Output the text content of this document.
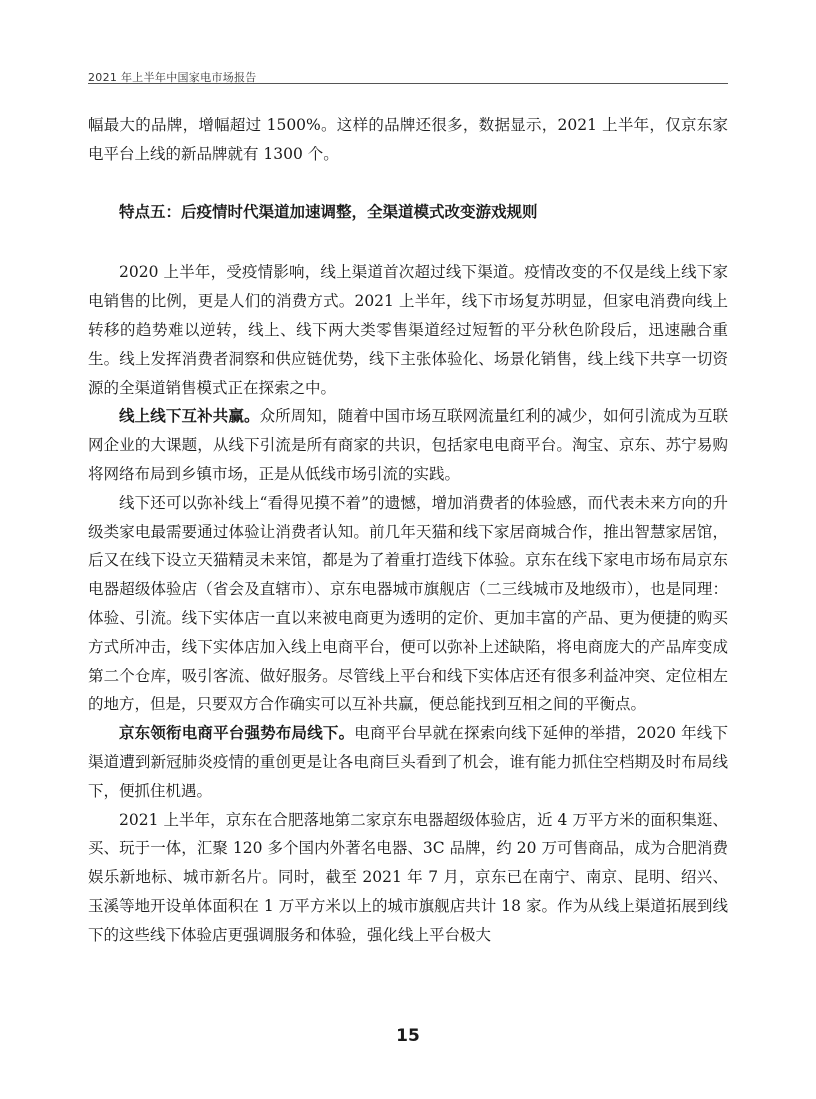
2021 年上半年中国家电市场报告

幅最大的品牌，增幅超过 1500%。这样的品牌还很多，数据显示，2021 上半年，仅京东家电平台上线的新品牌就有 1300 个。

特点五：后疫情时代渠道加速调整，全渠道模式改变游戏规则

2020 上半年，受疫情影响，线上渠道首次超过线下渠道。疫情改变的不仅是线上线下家电销售的比例，更是人们的消费方式。2021 上半年，线下市场复苏明显，但家电消费向线上转移的趋势难以逆转，线上、线下两大类零售渠道经过短暂的平分秋色阶段后，迅速融合重生。线上发挥消费者洞察和供应链优势，线下主张体验化、场景化销售，线上线下共享一切资源的全渠道销售模式正在探索之中。

线上线下互补共赢。众所周知，随着中国市场互联网流量红利的减少，如何引流成为互联网企业的大课题，从线下引流是所有商家的共识，包括家电电商平台。淘宝、京东、苏宁易购将网络布局到乡镇市场，正是从低线市场引流的实践。

线下还可以弥补线上“看得见摸不着”的遗憾，增加消费者的体验感，而代表未来方向的升级类家电最需要通过体验让消费者认知。前几年天猫和线下家居商城合作，推出智慧家居馆，后又在线下设立天猫精灵未来馆，都是为了着重打造线下体验。京东在线下家电市场布局京东电器超级体验店（省会及直辖市）、京东电器城市旗舰店（二三线城市及地级市），也是同理：体验、引流。线下实体店一直以来被电商更为透明的定价、更加丰富的产品、更为便捷的购买方式所冲击，线下实体店加入线上电商平台，便可以弥补上述缺陷，将电商庞大的产品库变成第二个仓库，吸引客流、做好服务。尽管线上平台和线下实体店还有很多利益冲突、定位相左的地方，但是，只要双方合作确实可以互补共赢，便总能找到互相之间的平衡点。

京东领衔电商平台强势布局线下。电商平台早就在探索向线下延伸的举措，2020 年线下渠道遭到新冠肺炎疫情的重创更是让各电商巨头看到了机会，谁有能力抓住空档期及时布局线下，便抓住机遇。

2021 上半年，京东在合肥落地第二家京东电器超级体验店，近 4 万平方米的面积集逛、买、玩于一体，汇聚 120 多个国内外著名电器、3C 品牌，约 20 万可售商品，成为合肥消费娱乐新地标、城市新名片。同时，截至 2021 年 7 月，京东已在南宁、南京、昆明、绍兴、玉溪等地开设单体面积在 1 万平方米以上的城市旗舰店共计 18 家。作为从线上渠道拓展到线下的这些线下体验店更强调服务和体验，强化线上平台极大

15
